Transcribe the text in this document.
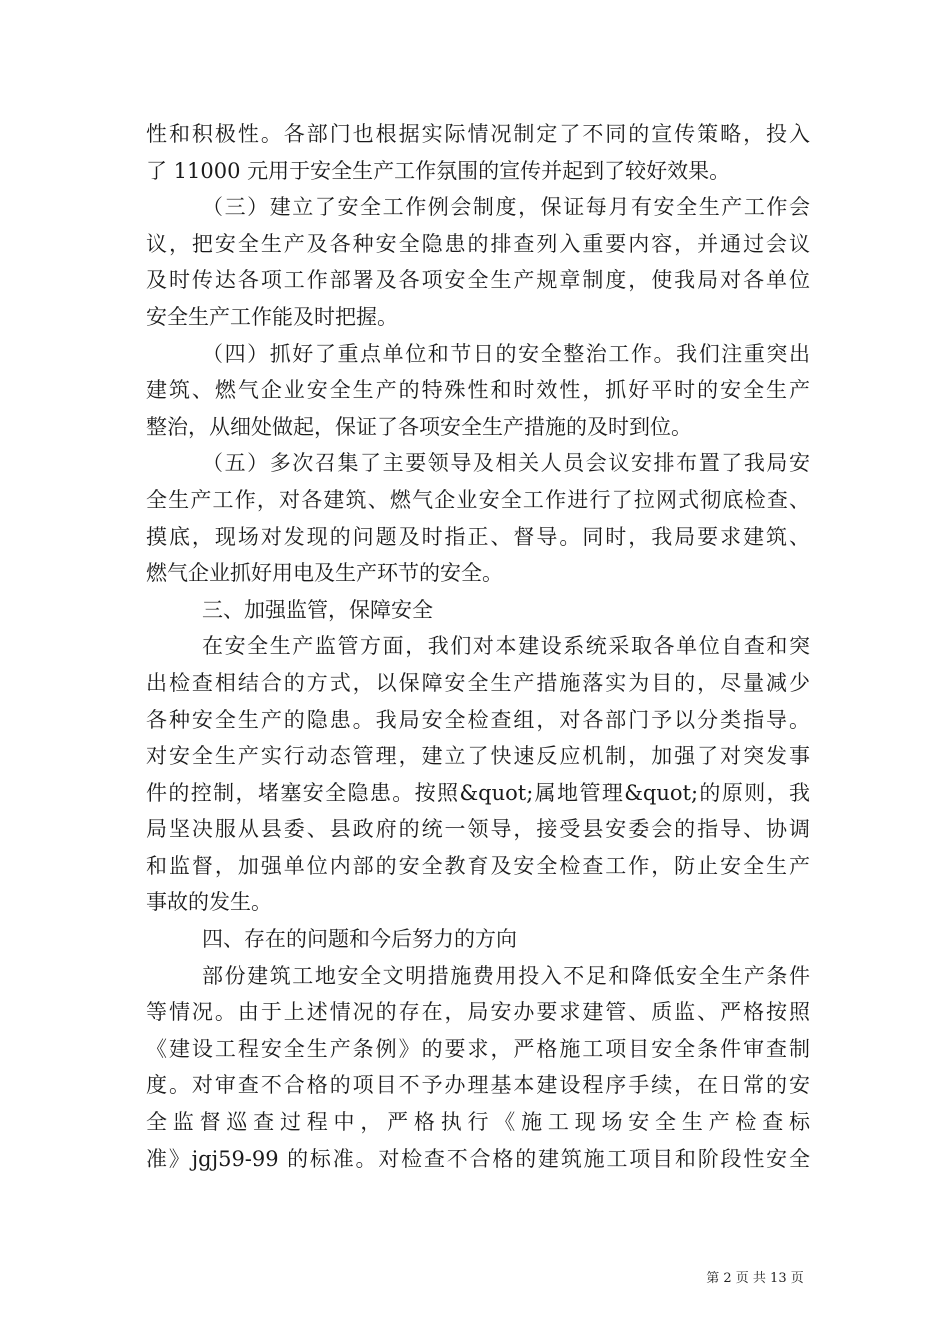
性和积极性。各部门也根据实际情况制定了不同的宣传策略，投入
了 11000 元用于安全生产工作氛围的宣传并起到了较好效果。
（三）建立了安全工作例会制度，保证每月有安全生产工作会
议，把安全生产及各种安全隐患的排查列入重要内容，并通过会议
及时传达各项工作部署及各项安全生产规章制度，使我局对各单位
安全生产工作能及时把握。
（四）抓好了重点单位和节日的安全整治工作。我们注重突出
建筑、燃气企业安全生产的特殊性和时效性，抓好平时的安全生产
整治，从细处做起，保证了各项安全生产措施的及时到位。
（五）多次召集了主要领导及相关人员会议安排布置了我局安
全生产工作，对各建筑、燃气企业安全工作进行了拉网式彻底检查、
摸底，现场对发现的问题及时指正、督导。同时，我局要求建筑、
燃气企业抓好用电及生产环节的安全。
三、加强监管，保障安全
在安全生产监管方面，我们对本建设系统采取各单位自查和突
出检查相结合的方式，以保障安全生产措施落实为目的，尽量减少
各种安全生产的隐患。我局安全检查组，对各部门予以分类指导。
对安全生产实行动态管理，建立了快速反应机制，加强了对突发事
件的控制，堵塞安全隐患。按照&quot;属地管理&quot;的原则，我
局坚决服从县委、县政府的统一领导，接受县安委会的指导、协调
和监督，加强单位内部的安全教育及安全检查工作，防止安全生产
事故的发生。
四、存在的问题和今后努力的方向
部份建筑工地安全文明措施费用投入不足和降低安全生产条件
等情况。由于上述情况的存在，局安办要求建管、质监、严格按照
《建设工程安全生产条例》的要求，严格施工项目安全条件审查制
度。对审查不合格的项目不予办理基本建设程序手续，在日常的安
全监督巡查过程中，严格执行《施工现场安全生产检查标
准》jgj59-99 的标准。对检查不合格的建筑施工项目和阶段性安全
第 2 页 共 13 页
